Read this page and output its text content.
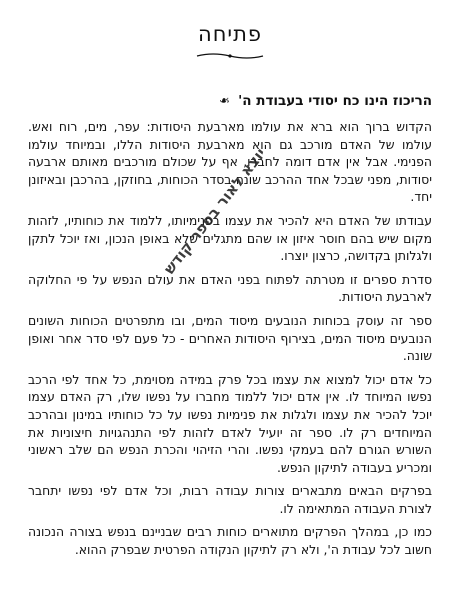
פתיחה
הריכוז הינו כח יסודי בעבודת ה'
❧

הקדוש ברוך הוא ברא את עולמו מארבעת היסודות: עפר, מים, רוח ואש. עולמו של האדם מורכב גם הוא מארבעת היסודות הללו, ובמיוחד עולמו הפנימי. אבל אין אדם דומה לחברו, אף על שכולם מורכבים מאותם ארבעה יסודות, מפני שבכל אחד ההרכב שונה בסדר הכוחות, בחוזקן, בהרכבן ובאיזונן יחד.

עבודתו של האדם היא להכיר את עצמו בפנימיותו, ללמוד את כוחותיו, לזהות מקום שיש בהם חוסר איזון או שהם מתגלים שלא באופן הנכון, ואז יוכל לתקן ולגלותן בקדושה, כרצון יוצרו.

סדרת ספרים זו מטרתה לפתוח בפני האדם את עולם הנפש על פי החלוקה לארבעת היסודות.

ספר זה עוסק בכוחות הנובעים מיסוד המים, ובו מתפרטים הכוחות השונים הנובעים מיסוד המים, בצירוף היסודות האחרים - כל פעם לפי סדר אחר ואופן שונה.

כל אדם יכול למצוא את עצמו בכל פרק במידה מסוימת, כל אחד לפי הרכב נפשו המיוחד לו. אין אדם יכול ללמוד מחברו על נפשו שלו, רק האדם עצמו יוכל להכיר את עצמו ולגלות את פנימיות נפשו על כל כוחותיו במינון ובהרכב המיוחדים רק לו. ספר זה יועיל לאדם לזהות לפי התנהגויות חיצוניות את השורש הגורם להם בעמקי נפשו. והרי הזיהוי והכרת הנפש הם שלב ראשוני ומכריע בעבודה לתיקון הנפש.

בפרקים הבאים מתבארים צורות עבודה רבות, וכל אדם לפי נפשו יתחבר לצורת העבודה המתאימה לו.

כמו כן, במהלך הפרקים מתוארים כוחות רבים שבניינם בנפש בצורה הנכונה חשוב לכל עבודת ה', ולא רק לתיקון הנקודה הפרטית שבפרק ההוא.

יוצא לאור בספר קודש
